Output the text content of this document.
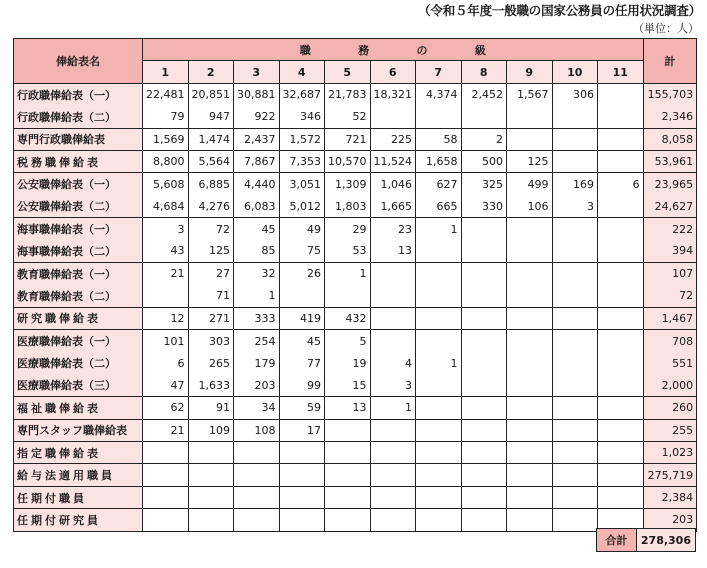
（令和５年度一般職の国家公務員の任用状況調査）
（単位：人）
俸給表名	職 務 の 級											計
	1	2	3	4	5	6	7	8	9	10	11	
行政職俸給表（一）	22,481	20,851	30,881	32,687	21,783	18,321	4,374	2,452	1,567	306		155,703
行政職俸給表（二）	79	947	922	346	52							2,346
専門行政職俸給表	1,569	1,474	2,437	1,572	721	225	58	2				8,058
税務職俸給表	8,800	5,564	7,867	7,353	10,570	11,524	1,658	500	125			53,961
公安職俸給表（一）	5,608	6,885	4,440	3,051	1,309	1,046	627	325	499	169	6	23,965
公安職俸給表（二）	4,684	4,276	6,083	5,012	1,803	1,665	665	330	106	3		24,627
海事職俸給表（一）	3	72	45	49	29	23	1					222
海事職俸給表（二）	43	125	85	75	53	13						394
教育職俸給表（一）	21	27	32	26	1							107
教育職俸給表（二）		71	1									72
研究職俸給表	12	271	333	419	432							1,467
医療職俸給表（一）	101	303	254	45	5							708
医療職俸給表（二）	6	265	179	77	19	4	1					551
医療職俸給表（三）	47	1,633	203	99	15	3						2,000
福祉職俸給表	62	91	34	59	13	1						260
専門スタッフ職俸給表	21	109	108	17								255
指定職俸給表												1,023
給与法適用職員												275,719
任期付職員												2,384
任期付研究員												203
合計	278,306
